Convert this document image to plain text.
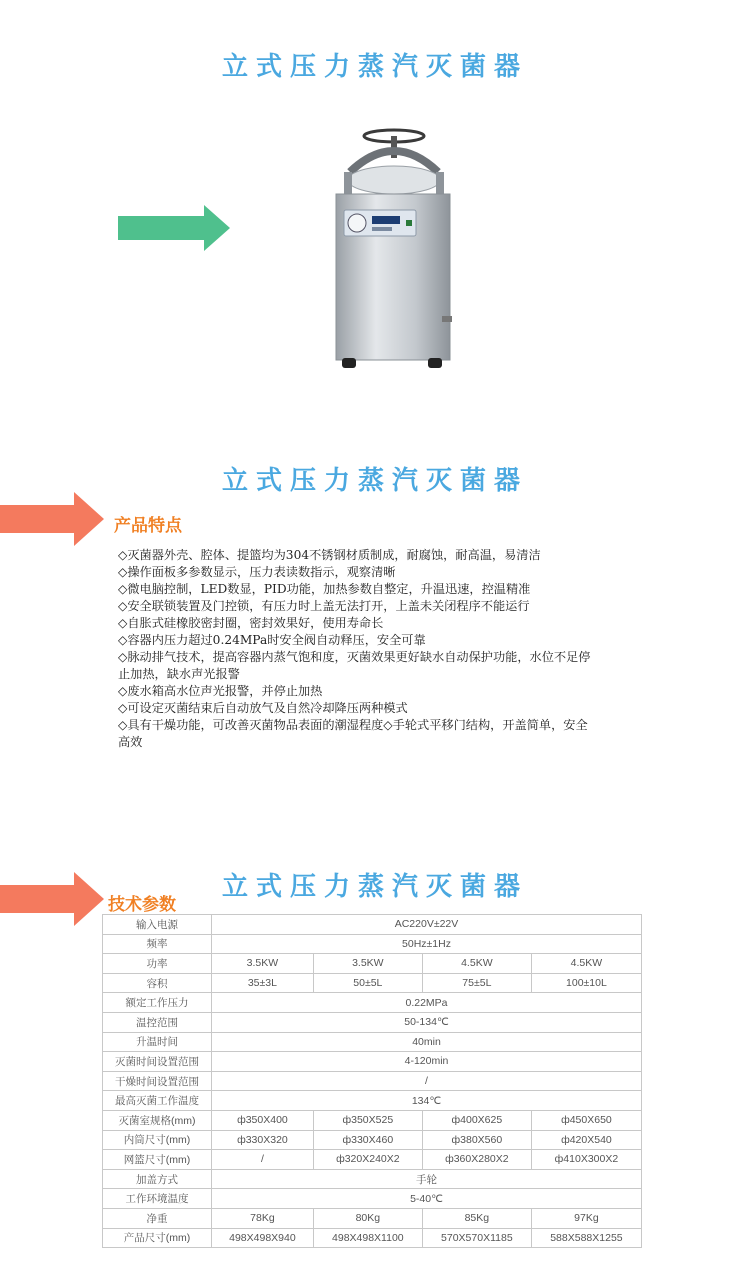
立式压力蒸汽灭菌器
立式压力蒸汽灭菌器
产品特点
◇灭菌器外壳、腔体、提篮均为304不锈钢材质制成，耐腐蚀，耐高温，易清洁
◇操作面板多参数显示，压力表读数指示，观察清晰
◇微电脑控制，LED数显，PID功能，加热参数自整定，升温迅速，控温精准
◇安全联锁装置及门控锁，有压力时上盖无法打开，上盖未关闭程序不能运行
◇自胀式硅橡胶密封圈，密封效果好，使用寿命长
◇容器内压力超过0.24MPa时安全阀自动释压，安全可靠
◇脉动排气技术，提高容器内蒸气饱和度，灭菌效果更好缺水自动保护功能，水位不足停止加热，缺水声光报警
◇废水箱高水位声光报警，并停止加热
◇可设定灭菌结束后自动放气及自然冷却降压两种模式
◇具有干燥功能，可改善灭菌物品表面的潮湿程度◇手轮式平移门结构，开盖简单，安全高效
立式压力蒸汽灭菌器
技术参数
输入电源	AC220V±22V			
频率	50Hz±1Hz			
功率	3.5KW	3.5KW	4.5KW	4.5KW
容积	35±3L	50±5L	75±5L	100±10L
额定工作压力	0.22MPa			
温控范围	50-134℃			
升温时间	40min			
灭菌时间设置范围	4-120min			
干燥时间设置范围	/			
最高灭菌工作温度	134℃			
灭菌室规格(mm)	ф350X400	ф350X525	ф400X625	ф450X650
内筒尺寸(mm)	ф330X320	ф330X460	ф380X560	ф420X540
网篮尺寸(mm)	/	ф320X240X2	ф360X280X2	ф410X300X2
加盖方式	手轮			
工作环境温度	5-40℃			
净重	78Kg	80Kg	85Kg	97Kg
产品尺寸(mm)	498X498X940	498X498X1100	570X570X1185	588X588X1255
